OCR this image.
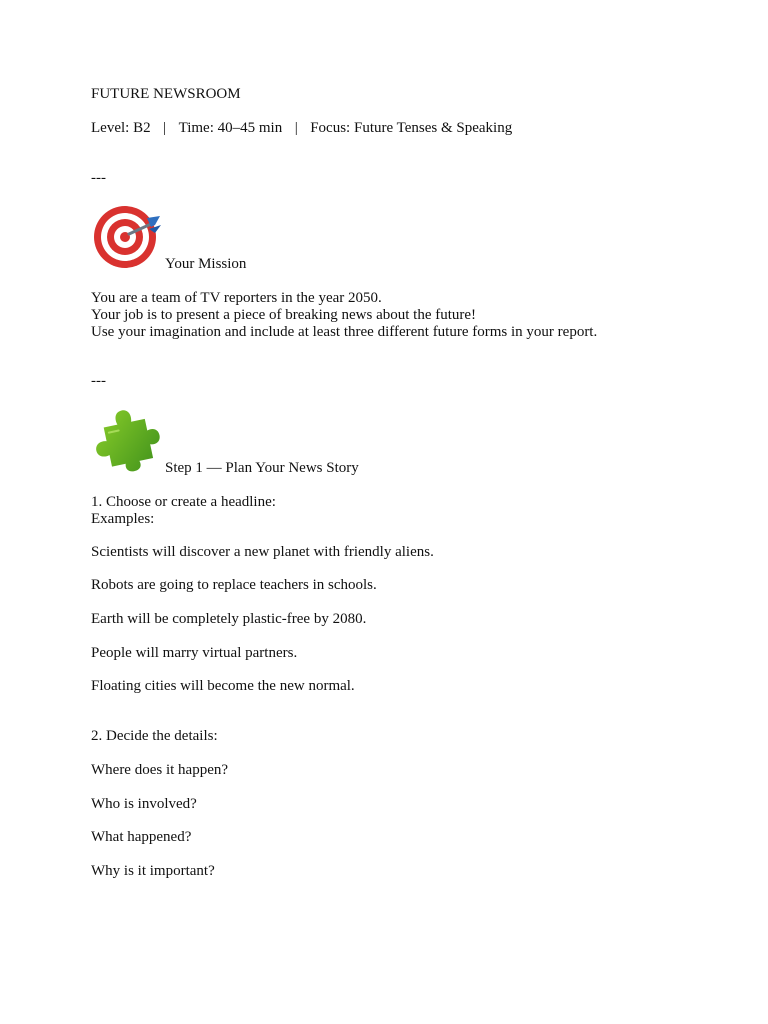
FUTURE NEWSROOM
Level: B2 | Time: 40–45 min | Focus: Future Tenses & Speaking
---
Your Mission
You are a team of TV reporters in the year 2050.
Your job is to present a piece of breaking news about the future!
Use your imagination and include at least three different future forms in your report.
---
Step 1 — Plan Your News Story
1. Choose or create a headline:
Examples:
Scientists will discover a new planet with friendly aliens.
Robots are going to replace teachers in schools.
Earth will be completely plastic-free by 2080.
People will marry virtual partners.
Floating cities will become the new normal.
2. Decide the details:
Where does it happen?
Who is involved?
What happened?
Why is it important?
